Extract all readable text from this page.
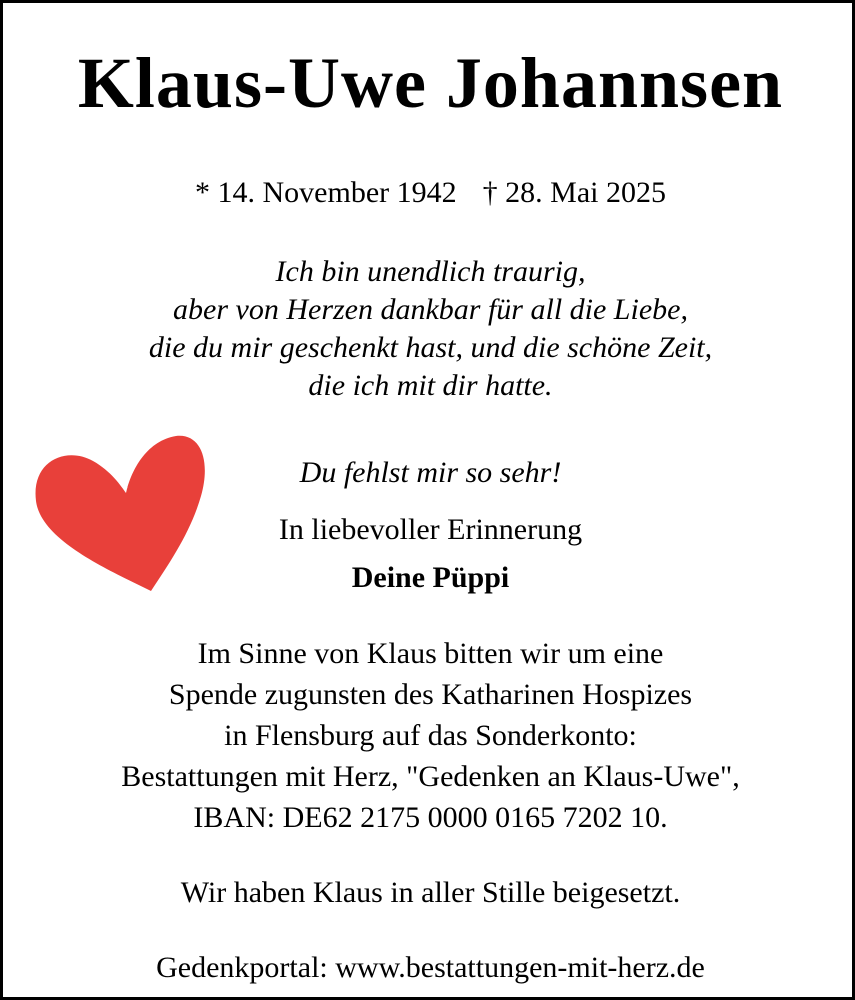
Klaus-Uwe Johannsen
* 14. November 1942 † 28. Mai 2025
Ich bin unendlich traurig,
aber von Herzen dankbar für all die Liebe,
die du mir geschenkt hast, und die schöne Zeit,
die ich mit dir hatte.
Du fehlst mir so sehr!
In liebevoller Erinnerung
Deine Püppi
Im Sinne von Klaus bitten wir um eine
Spende zugunsten des Katharinen Hospizes
in Flensburg auf das Sonderkonto:
Bestattungen mit Herz, "Gedenken an Klaus-Uwe",
IBAN: DE62 2175 0000 0165 7202 10.
Wir haben Klaus in aller Stille beigesetzt.
Gedenkportal: www.bestattungen-mit-herz.de
